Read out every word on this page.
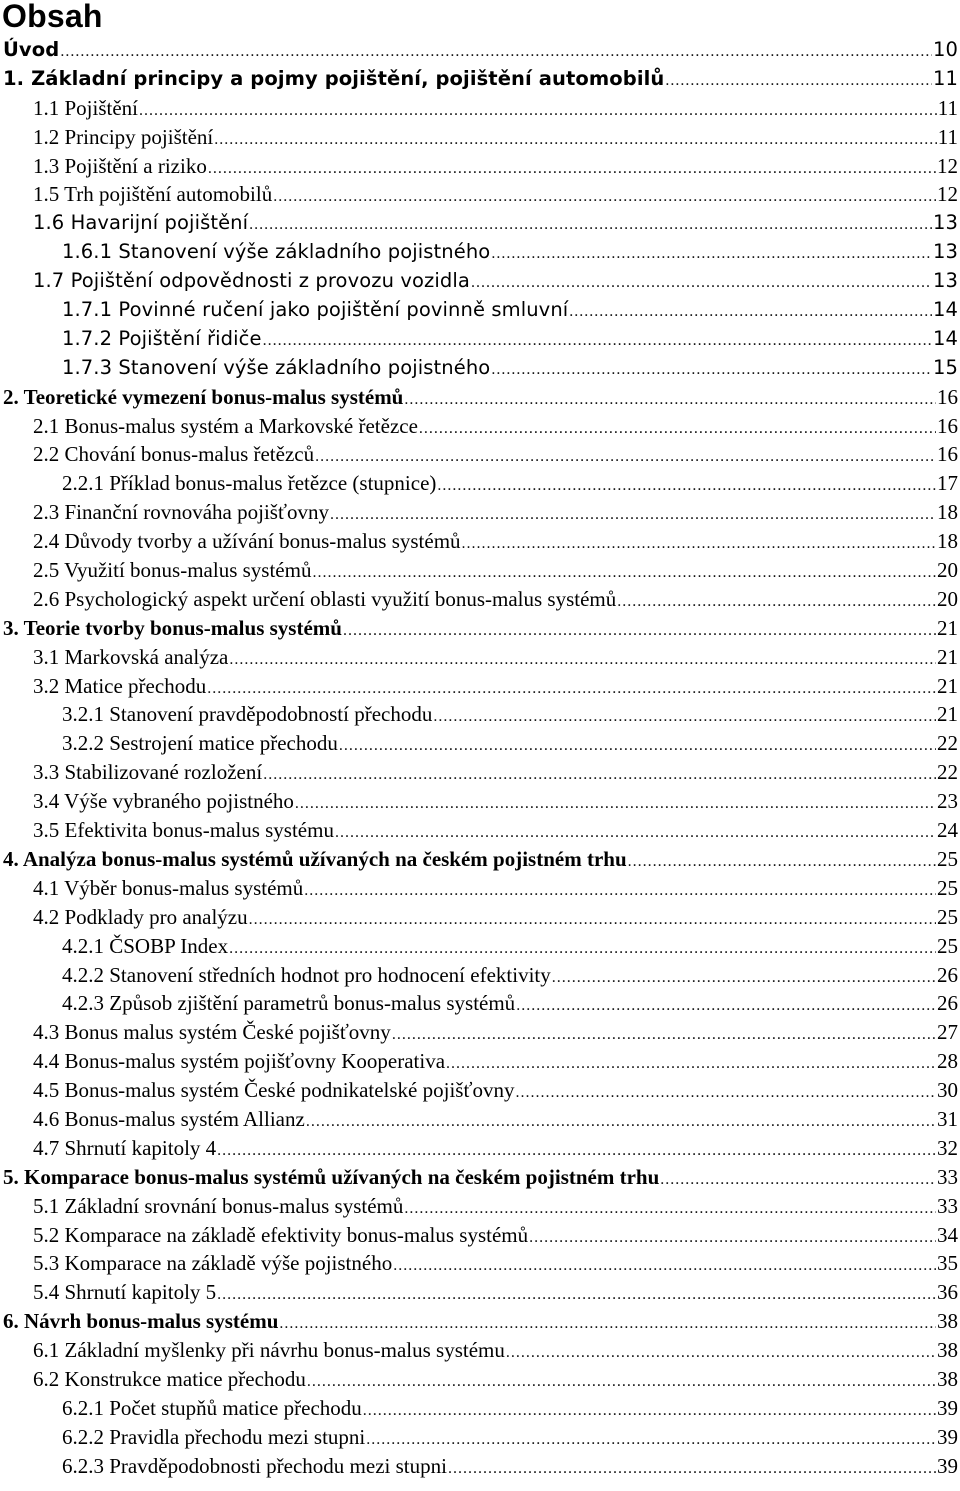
Obsah
Úvod .....	10
1. Základní principy a pojmy pojištění, pojištění automobilů .....	11
1.1 Pojištění .....	11
1.2 Principy pojištění .....	11
1.3 Pojištění a riziko .....	12
1.5 Trh pojištění automobilů .....	12
1.6 Havarijní pojištění .....	13
1.6.1 Stanovení výše základního pojistného .....	13
1.7 Pojištění odpovědnosti z provozu vozidla .....	13
1.7.1 Povinné ručení jako pojištění povinně smluvní .....	14
1.7.2 Pojištění řidiče .....	14
1.7.3 Stanovení výše základního pojistného .....	15
2. Teoretické vymezení bonus-malus systémů .....	16
2.1 Bonus-malus systém a Markovské řetězce .....	16
2.2 Chování bonus-malus řetězců .....	16
2.2.1 Příklad bonus-malus řetězce (stupnice) .....	17
2.3 Finanční rovnováha pojišťovny .....	18
2.4 Důvody tvorby a užívání bonus-malus systémů .....	18
2.5 Využití bonus-malus systémů .....	20
2.6 Psychologický aspekt určení oblasti využití bonus-malus systémů .....	20
3. Teorie tvorby bonus-malus systémů .....	21
3.1 Markovská analýza .....	21
3.2 Matice přechodu .....	21
3.2.1 Stanovení pravděpodobností přechodu .....	21
3.2.2 Sestrojení matice přechodu .....	22
3.3 Stabilizované rozložení .....	22
3.4 Výše vybraného pojistného .....	23
3.5 Efektivita bonus-malus systému .....	24
4. Analýza bonus-malus systémů užívaných na českém pojistném trhu .....	25
4.1 Výběr bonus-malus systémů .....	25
4.2 Podklady pro analýzu .....	25
4.2.1 ČSOBP Index .....	25
4.2.2 Stanovení středních hodnot pro hodnocení efektivity .....	26
4.2.3 Způsob zjištění parametrů bonus-malus systémů .....	26
4.3 Bonus malus systém České pojišťovny .....	27
4.4 Bonus-malus systém pojišťovny Kooperativa .....	28
4.5 Bonus-malus systém České podnikatelské pojišťovny .....	30
4.6 Bonus-malus systém Allianz .....	31
4.7 Shrnutí kapitoly 4 .....	32
5. Komparace bonus-malus systémů užívaných na českém pojistném trhu .....	33
5.1 Základní srovnání bonus-malus systémů .....	33
5.2 Komparace na základě efektivity bonus-malus systémů .....	34
5.3 Komparace na základě výše pojistného .....	35
5.4 Shrnutí kapitoly 5 .....	36
6. Návrh bonus-malus systému .....	38
6.1 Základní myšlenky při návrhu bonus-malus systému .....	38
6.2 Konstrukce matice přechodu .....	38
6.2.1 Počet stupňů matice přechodu .....	39
6.2.2 Pravidla přechodu mezi stupni .....	39
6.2.3 Pravděpodobnosti přechodu mezi stupni .....	39
